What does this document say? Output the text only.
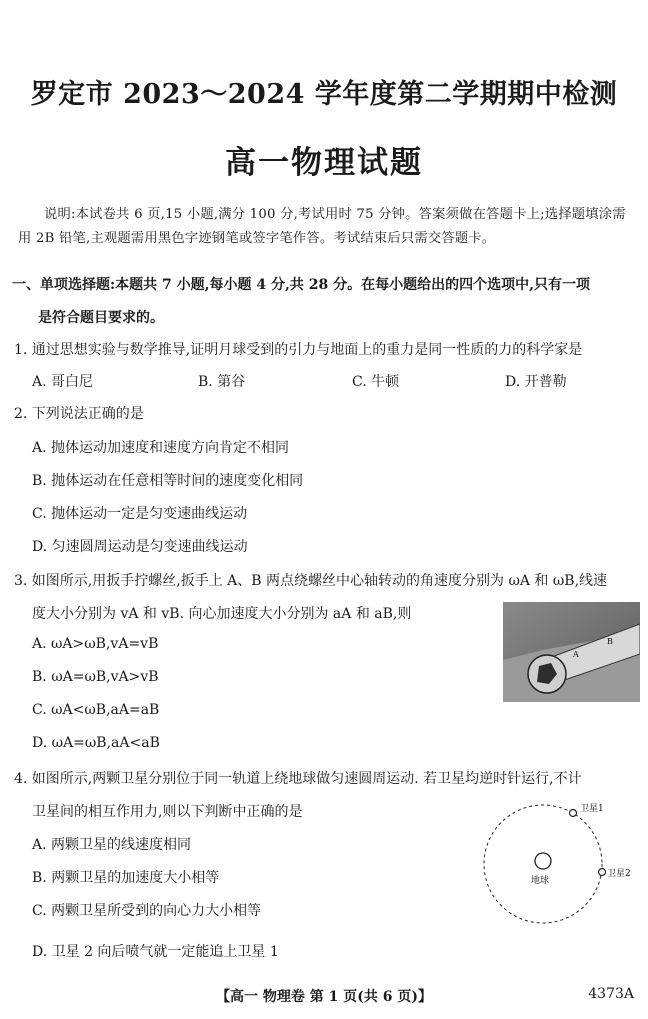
罗定市 2023～2024 学年度第二学期期中检测
高一物理试题
说明:本试卷共 6 页,15 小题,满分 100 分,考试用时 75 分钟。答案须做在答题卡上;选择题填涂需用 2B 铅笔,主观题需用黑色字迹钢笔或签字笔作答。考试结束后只需交答题卡。
一、单项选择题:本题共 7 小题,每小题 4 分,共 28 分。在每小题给出的四个选项中,只有一项
是符合题目要求的。
1. 通过思想实验与数学推导,证明月球受到的引力与地面上的重力是同一性质的力的科学家是
A. 哥白尼	B. 第谷	C. 牛顿	D. 开普勒
2. 下列说法正确的是
A. 抛体运动加速度和速度方向肯定不相同
B. 抛体运动在任意相等时间的速度变化相同
C. 抛体运动一定是匀变速曲线运动
D. 匀速圆周运动是匀变速曲线运动
3. 如图所示,用扳手拧螺丝,扳手上 A、B 两点绕螺丝中心轴转动的角速度分别为 ωA 和 ωB,线速
度大小分别为 vA 和 vB. 向心加速度大小分别为 aA 和 aB,则
A. ωA>ωB,vA=vB
B. ωA=ωB,vA>vB
C. ωA<ωB,aA=aB
D. ωA=ωB,aA<aB
A
B
4. 如图所示,两颗卫星分别位于同一轨道上绕地球做匀速圆周运动. 若卫星均逆时针运行,不计
卫星间的相互作用力,则以下判断中正确的是
A. 两颗卫星的线速度相同
B. 两颗卫星的加速度大小相等
C. 两颗卫星所受到的向心力大小相等
D. 卫星 2 向后喷气就一定能追上卫星 1
地球
卫星1
卫星2
【高一 物理卷 第 1 页(共 6 页)】	4373A
